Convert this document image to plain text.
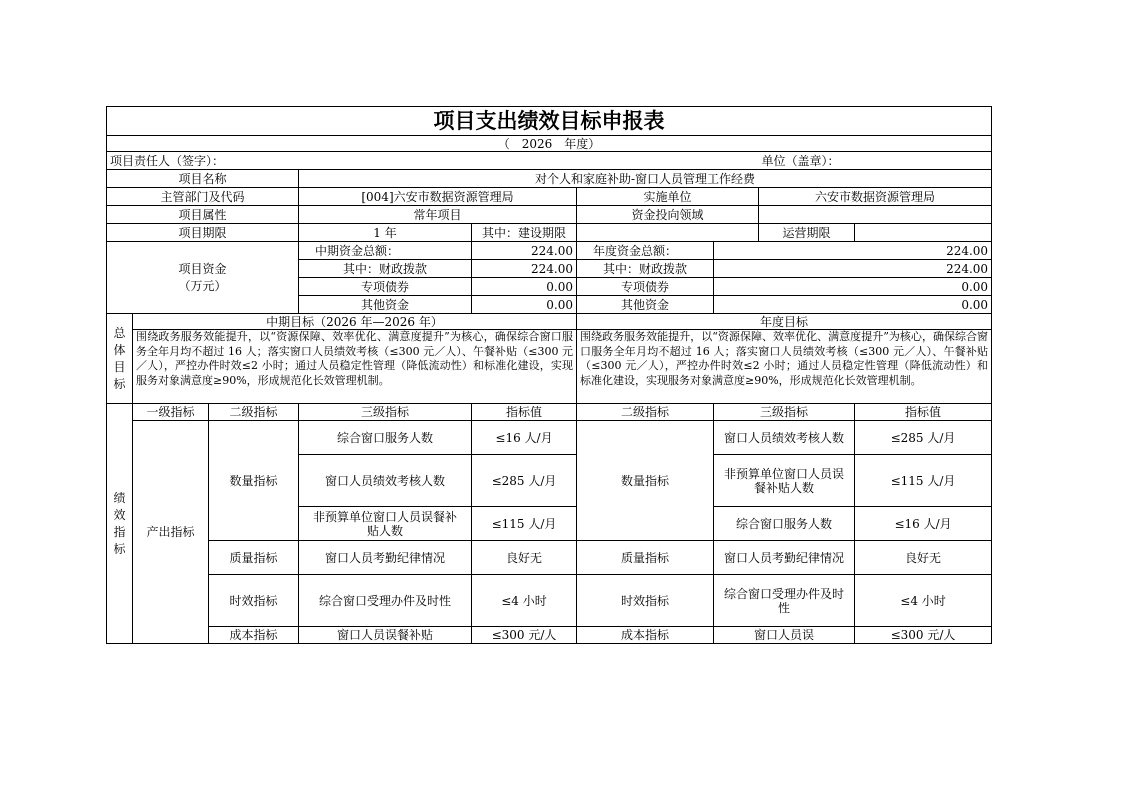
项目支出绩效目标申报表								
（　2026　年度）								
项目责任人（签字）：							单位（盖章）：	
项目名称			对个人和家庭补助-窗口人员管理工作经费					
主管部门及代码			[004]六安市数据资源管理局		实施单位		六安市数据资源管理局	
项目属性			常年项目		资金投向领域			
项目期限			1 年	其中：建设期限			运营期限	

项目资金
（万元）			中期资金总额：	224.00	年度资金总额：	224.00		
			其中：财政拨款	224.00	其中：财政拨款	224.00		
			专项债券	0.00	专项债券	0.00		
			其他资金	0.00	其他资金	0.00		

总
体
目
标	中期目标（2026 年—2026 年）				年度目标			
	围绕政务服务效能提升，以“资源保障、效率优化、满意度提升”为核心，确保综合窗口服务全年月均不超过 16 人；落实窗口人员绩效考核（≤300 元／人）、午餐补贴（≤300 元／人），严控办件时效≤2 小时；通过人员稳定性管理（降低流动性）和标准化建设，实现服务对象满意度≥90%，形成规范化长效管理机制。				围绕政务服务效能提升，以“资源保障、效率优化、满意度提升”为核心，确保综合窗口服务全年月均不超过 16 人；落实窗口人员绩效考核（≤300 元／人）、午餐补贴（≤300 元／人），严控办件时效≤2 小时；通过人员稳定性管理（降低流动性）和标准化建设，实现服务对象满意度≥90%，形成规范化长效管理机制。			

绩
效
指
标	一级指标	二级指标	三级指标	指标值	二级指标	三级指标		指标值
	产出指标	数量指标	综合窗口服务人数	≤16 人/月	数量指标	窗口人员绩效考核人数		≤285 人/月
			窗口人员绩效考核人数	≤285 人/月		非预算单位窗口人员误餐补贴人数		≤115 人/月
			非预算单位窗口人员误餐补贴人数	≤115 人/月		综合窗口服务人数		≤16 人/月
		质量指标	窗口人员考勤纪律情况	良好无	质量指标	窗口人员考勤纪律情况		良好无
		时效指标	综合窗口受理办件及时性	≤4 小时	时效指标	综合窗口受理办件及时性		≤4 小时
		成本指标	窗口人员误餐补贴	≤300 元/人	成本指标	窗口人员误		≤300 元/人
